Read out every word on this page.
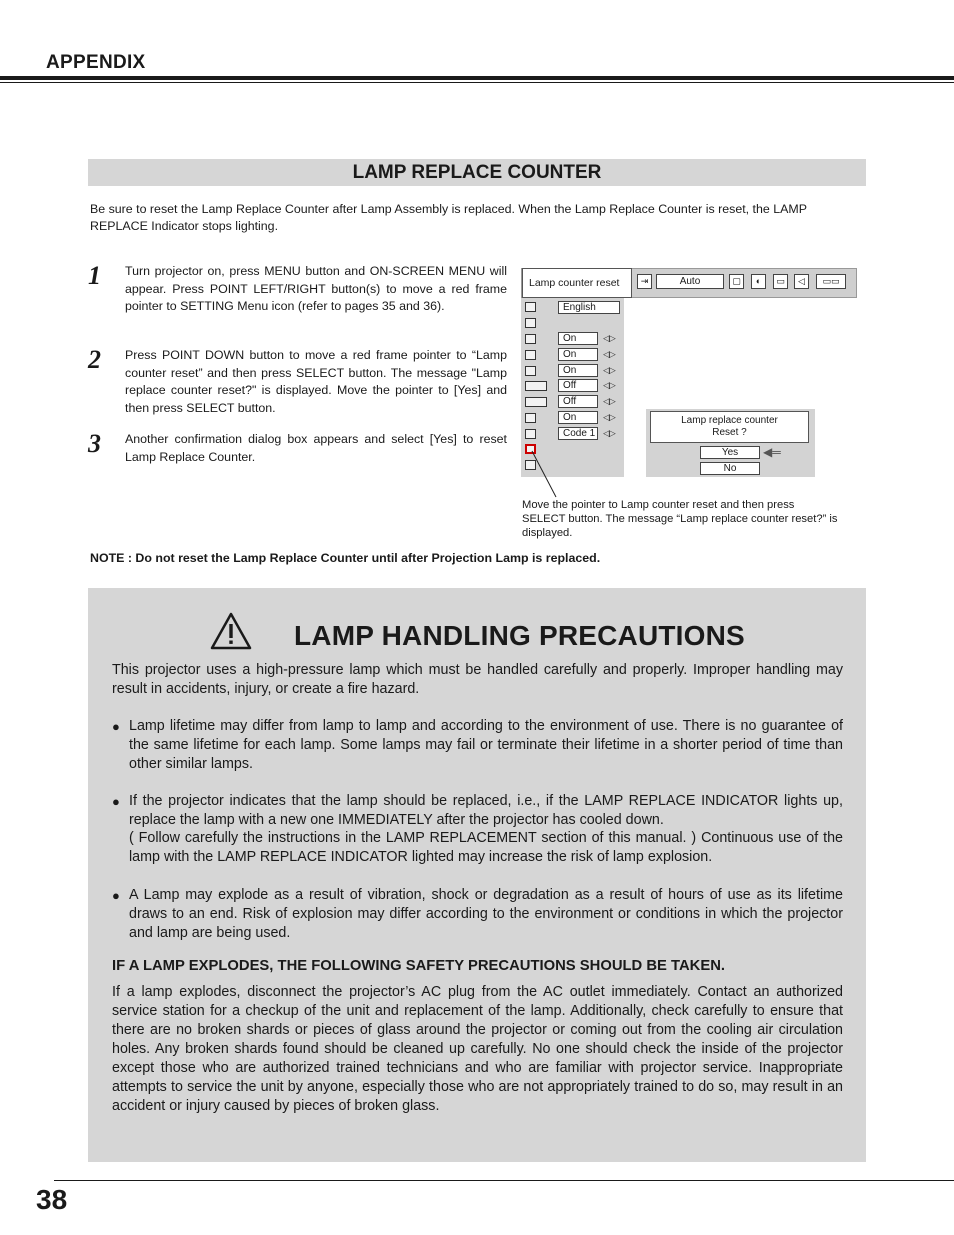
APPENDIX
LAMP REPLACE COUNTER
Be sure to reset the Lamp Replace Counter after Lamp Assembly is replaced. When the Lamp Replace Counter is reset, the LAMP REPLACE Indicator stops lighting.
1 Turn projector on, press MENU button and ON-SCREEN MENU will appear. Press POINT LEFT/RIGHT button(s) to move a red frame pointer to SETTING Menu icon (refer to pages 35 and 36).
2 Press POINT DOWN button to move a red frame pointer to “Lamp counter reset” and then press SELECT button. The message "Lamp replace counter reset?" is displayed. Move the pointer to [Yes] and then press SELECT button.
3 Another confirmation dialog box appears and select [Yes] to reset Lamp Replace Counter.
Lamp counter reset	⇥	Auto	▢	◐	▭	◁	▭▭
English
On	◁▷
On	◁▷
On	◁▷
Off	◁▷
Off	◁▷
On	◁▷
Code 1 ◁▷
Lamp replace counter
Reset ?
Yes	◀═
No
Move the pointer to Lamp counter reset and then press SELECT button. The message “Lamp replace counter reset?” is displayed.
NOTE : Do not reset the Lamp Replace Counter until after Projection Lamp is replaced.
LAMP HANDLING PRECAUTIONS
This projector uses a high-pressure lamp which must be handled carefully and properly. Improper handling may result in accidents, injury, or create a fire hazard.
● Lamp lifetime may differ from lamp to lamp and according to the environment of use. There is no guarantee of the same lifetime for each lamp. Some lamps may fail or terminate their lifetime in a shorter period of time than other similar lamps.
● If the projector indicates that the lamp should be replaced, i.e., if the LAMP REPLACE INDICATOR lights up, replace the lamp with a new one IMMEDIATELY after the projector has cooled down.
( Follow carefully the instructions in the LAMP REPLACEMENT section of this manual. ) Continuous use of the lamp with the LAMP REPLACE INDICATOR lighted may increase the risk of lamp explosion.
● A Lamp may explode as a result of vibration, shock or degradation as a result of hours of use as its lifetime draws to an end. Risk of explosion may differ according to the environment or conditions in which the projector and lamp are being used.
IF A LAMP EXPLODES, THE FOLLOWING SAFETY PRECAUTIONS SHOULD BE TAKEN.
If a lamp explodes, disconnect the projector’s AC plug from the AC outlet immediately. Contact an authorized service station for a checkup of the unit and replacement of the lamp. Additionally, check carefully to ensure that there are no broken shards or pieces of glass around the projector or coming out from the cooling air circulation holes. Any broken shards found should be cleaned up carefully. No one should check the inside of the projector except those who are authorized trained technicians and who are familiar with projector service. Inappropriate attempts to service the unit by anyone, especially those who are not appropriately trained to do so, may result in an accident or injury caused by pieces of broken glass.
38
